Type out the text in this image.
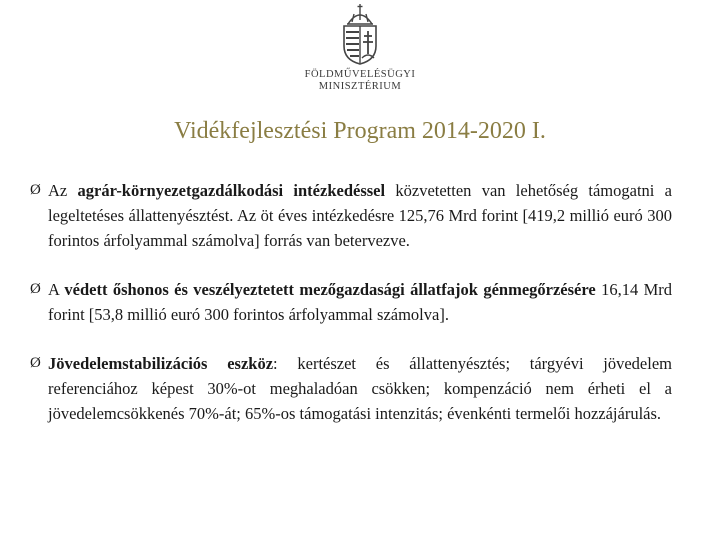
FÖLDMŰVELÉSÜGYI
MINISZTÉRIUM
Vidékfejlesztési Program 2014-2020 I.
Ø Az agrár-környezetgazdálkodási intézkedéssel közvetetten van lehetőség támogatni a legeltetéses állattenyésztést. Az öt éves intézkedésre 125,76 Mrd forint [419,2 millió euró 300 forintos árfolyammal számolva] forrás van betervezve.
Ø A védett őshonos és veszélyeztetett mezőgazdasági állatfajok génmegőrzésére 16,14 Mrd forint [53,8 millió euró 300 forintos árfolyammal számolva].
Ø Jövedelemstabilizációs eszköz: kertészet és állattenyésztés; tárgyévi jövedelem referenciához képest 30%-ot meghaladóan csökken; kompenzáció nem érheti el a jövedelemcsökkenés 70%-át; 65%-os támogatási intenzitás; évenkénti termelői hozzájárulás.
